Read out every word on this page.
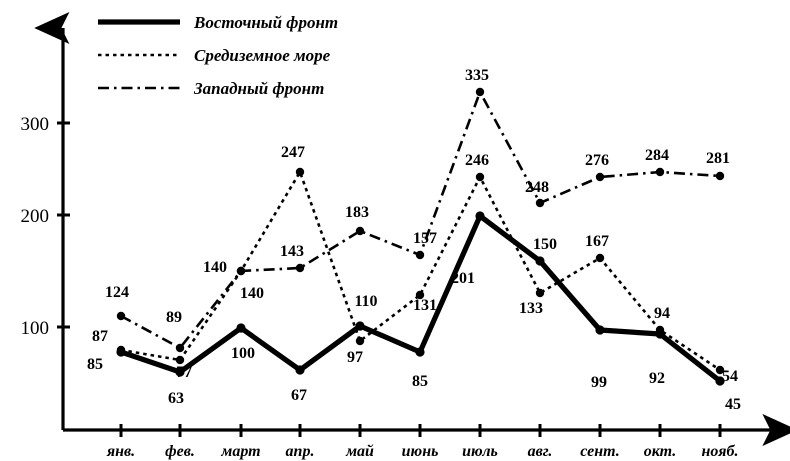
300
200
100
янв. фев. март апр. май июнь июль авг. сент. окт. нояб.
124
89
140
143
183
157
335
248
276 284 281
87
77
140
247
97
131
246
133
167
94
54
85
63
100
67
110
85
201
150
99	92
45
Восточный фронт
Средиземное море
Западный фронт
